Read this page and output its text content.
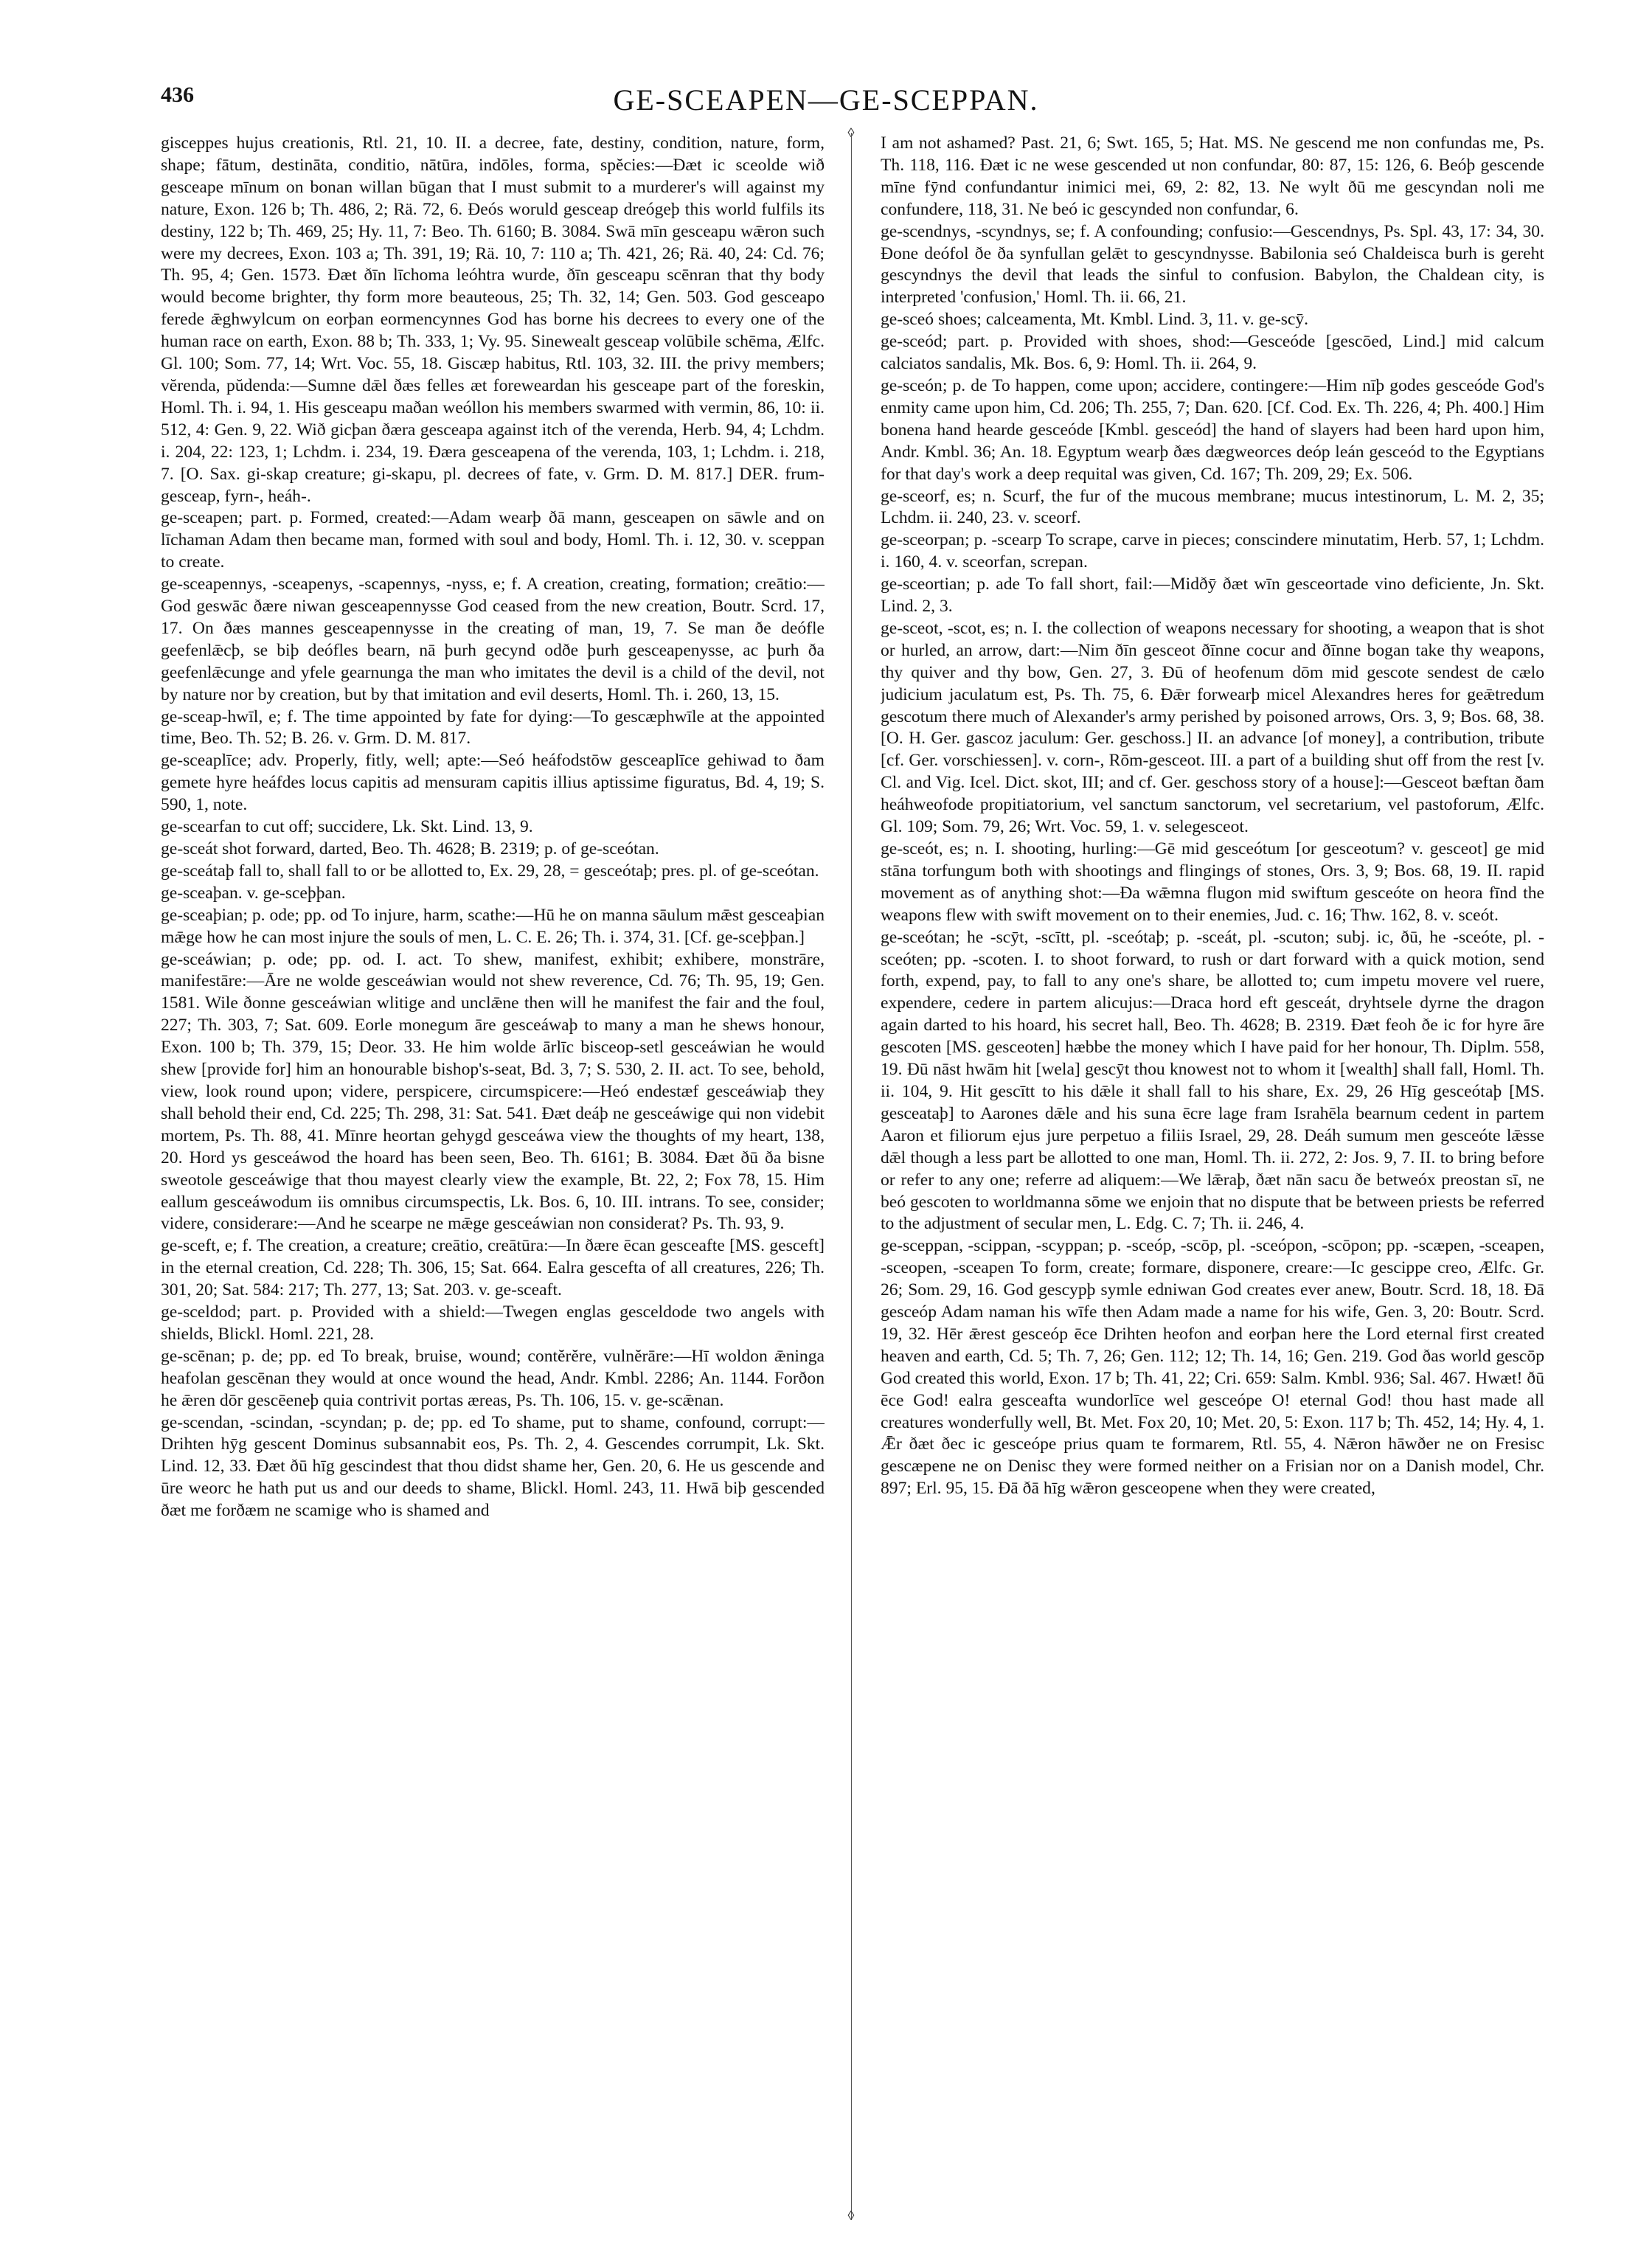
436	GE-SCEAPEN—GE-SCEPPAN.
◊
◊

gisceppes hujus creationis, Rtl. 21, 10. II. a decree, fate, destiny, condition, nature, form, shape; fātum, destināta, conditio, nātūra, indōles, forma, spĕcies:—Ðæt ic sceolde wið gesceape mīnum on bonan willan būgan that I must submit to a murderer's will against my nature, Exon. 126 b; Th. 486, 2; Rä. 72, 6. Ðeós woruld gesceap dreógeþ this world fulfils its destiny, 122 b; Th. 469, 25; Hy. 11, 7: Beo. Th. 6160; B. 3084. Swā mīn gesceapu wǣron such were my decrees, Exon. 103 a; Th. 391, 19; Rä. 10, 7: 110 a; Th. 421, 26; Rä. 40, 24: Cd. 76; Th. 95, 4; Gen. 1573. Ðæt ðīn līchoma leóhtra wurde, ðīn gesceapu scēnran that thy body would become brighter, thy form more beauteous, 25; Th. 32, 14; Gen. 503. God gesceapo ferede ǣghwylcum on eorþan eormencynnes God has borne his decrees to every one of the human race on earth, Exon. 88 b; Th. 333, 1; Vy. 95. Sinewealt gesceap volūbile schēma, Ælfc. Gl. 100; Som. 77, 14; Wrt. Voc. 55, 18. Giscæp habitus, Rtl. 103, 32. III. the privy members; vĕrenda, pŭdenda:—Sumne dǣl ðæs felles æt foreweardan his gesceape part of the foreskin, Homl. Th. i. 94, 1. His gesceapu maðan weóllon his members swarmed with vermin, 86, 10: ii. 512, 4: Gen. 9, 22. Wið gicþan ðæra gesceapa against itch of the verenda, Herb. 94, 4; Lchdm. i. 204, 22: 123, 1; Lchdm. i. 234, 19. Ðæra gesceapena of the verenda, 103, 1; Lchdm. i. 218, 7. [O. Sax. gi-skap creature; gi-skapu, pl. decrees of fate, v. Grm. D. M. 817.] DER. frum-gesceap, fyrn-, heáh-.

ge-sceapen; part. p. Formed, created:—Adam wearþ ðā mann, gesceapen on sāwle and on līchaman Adam then became man, formed with soul and body, Homl. Th. i. 12, 30. v. sceppan to create.

ge-sceapennys, -sceapenys, -scapennys, -nyss, e; f. A creation, creating, formation; creātio:—God geswāc ðære niwan gesceapennysse God ceased from the new creation, Boutr. Scrd. 17, 17. On ðæs mannes gesceapennysse in the creating of man, 19, 7. Se man ðe deófle geefenlǣcþ, se biþ deófles bearn, nā þurh gecynd odðe þurh gesceapenysse, ac þurh ða geefenlǣcunge and yfele gearnunga the man who imitates the devil is a child of the devil, not by nature nor by creation, but by that imitation and evil deserts, Homl. Th. i. 260, 13, 15.

ge-sceap-hwīl, e; f. The time appointed by fate for dying:—To gescæphwīle at the appointed time, Beo. Th. 52; B. 26. v. Grm. D. M. 817.

ge-sceaplīce; adv. Properly, fitly, well; apte:—Seó heáfodstōw gesceaplīce gehiwad to ðam gemete hyre heáfdes locus capitis ad mensuram capitis illius aptissime figuratus, Bd. 4, 19; S. 590, 1, note.

ge-scearfan to cut off; succidere, Lk. Skt. Lind. 13, 9.

ge-sceát shot forward, darted, Beo. Th. 4628; B. 2319; p. of ge-sceótan.

ge-sceátaþ fall to, shall fall to or be allotted to, Ex. 29, 28, = gesceótaþ; pres. pl. of ge-sceótan.

ge-sceaþan. v. ge-sceþþan.

ge-sceaþian; p. ode; pp. od To injure, harm, scathe:—Hū he on manna sāulum mǣst gesceaþian mǣge how he can most injure the souls of men, L. C. E. 26; Th. i. 374, 31. [Cf. ge-sceþþan.]

ge-sceáwian; p. ode; pp. od. I. act. To shew, manifest, exhibit; exhibere, monstrāre, manifestāre:—Āre ne wolde gesceáwian would not shew reverence, Cd. 76; Th. 95, 19; Gen. 1581. Wile ðonne gesceáwian wlitige and unclǣne then will he manifest the fair and the foul, 227; Th. 303, 7; Sat. 609. Eorle monegum āre gesceáwaþ to many a man he shews honour, Exon. 100 b; Th. 379, 15; Deor. 33. He him wolde ārlīc bisceop-setl gesceáwian he would shew [provide for] him an honourable bishop's-seat, Bd. 3, 7; S. 530, 2. II. act. To see, behold, view, look round upon; videre, perspicere, circumspicere:—Heó endestæf gesceáwiaþ they shall behold their end, Cd. 225; Th. 298, 31: Sat. 541. Ðæt deáþ ne gesceáwige qui non videbit mortem, Ps. Th. 88, 41. Mīnre heortan gehygd gesceáwa view the thoughts of my heart, 138, 20. Hord ys gesceáwod the hoard has been seen, Beo. Th. 6161; B. 3084. Ðæt ðū ða bisne sweotole gesceáwige that thou mayest clearly view the example, Bt. 22, 2; Fox 78, 15. Him eallum gesceáwodum iis omnibus circumspectis, Lk. Bos. 6, 10. III. intrans. To see, consider; videre, considerare:—And he scearpe ne mǣge gesceáwian non considerat? Ps. Th. 93, 9.

ge-sceft, e; f. The creation, a creature; creātio, creātūra:—In ðære ēcan gesceafte [MS. gesceft] in the eternal creation, Cd. 228; Th. 306, 15; Sat. 664. Ealra gescefta of all creatures, 226; Th. 301, 20; Sat. 584: 217; Th. 277, 13; Sat. 203. v. ge-sceaft.

ge-sceldod; part. p. Provided with a shield:—Twegen englas gesceldode two angels with shields, Blickl. Homl. 221, 28.

ge-scēnan; p. de; pp. ed To break, bruise, wound; contĕrĕre, vulnĕrāre:—Hī woldon ǣninga heafolan gescēnan they would at once wound the head, Andr. Kmbl. 2286; An. 1144. Forðon he ǣren dōr gescēeneþ quia contrivit portas æreas, Ps. Th. 106, 15. v. ge-scǣnan.

ge-scendan, -scindan, -scyndan; p. de; pp. ed To shame, put to shame, confound, corrupt:—Drihten hȳg gescent Dominus subsannabit eos, Ps. Th. 2, 4. Gescendes corrumpit, Lk. Skt. Lind. 12, 33. Ðæt ðū hīg gescindest that thou didst shame her, Gen. 20, 6. He us gescende and ūre weorc he hath put us and our deeds to shame, Blickl. Homl. 243, 11. Hwā biþ gescended ðæt me forðæm ne scamige who is shamed and

I am not ashamed? Past. 21, 6; Swt. 165, 5; Hat. MS. Ne gescend me non confundas me, Ps. Th. 118, 116. Ðæt ic ne wese gescended ut non confundar, 80: 87, 15: 126, 6. Beóþ gescende mīne fȳnd confundantur inimici mei, 69, 2: 82, 13. Ne wylt ðū me gescyndan noli me confundere, 118, 31. Ne beó ic gescynded non confundar, 6.

ge-scendnys, -scyndnys, se; f. A confounding; confusio:—Gescendnys, Ps. Spl. 43, 17: 34, 30. Ðone deófol ðe ða synfullan gelǣt to gescyndnysse. Babilonia seó Chaldeisca burh is gereht gescyndnys the devil that leads the sinful to confusion. Babylon, the Chaldean city, is interpreted 'confusion,' Homl. Th. ii. 66, 21.

ge-sceó shoes; calceamenta, Mt. Kmbl. Lind. 3, 11. v. ge-scȳ.

ge-sceód; part. p. Provided with shoes, shod:—Gesceóde [gescōed, Lind.] mid calcum calciatos sandalis, Mk. Bos. 6, 9: Homl. Th. ii. 264, 9.

ge-sceón; p. de To happen, come upon; accidere, contingere:—Him nīþ godes gesceóde God's enmity came upon him, Cd. 206; Th. 255, 7; Dan. 620. [Cf. Cod. Ex. Th. 226, 4; Ph. 400.] Him bonena hand hearde gesceóde [Kmbl. gesceód] the hand of slayers had been hard upon him, Andr. Kmbl. 36; An. 18. Egyptum wearþ ðæs dægweorces deóp leán gesceód to the Egyptians for that day's work a deep requital was given, Cd. 167; Th. 209, 29; Ex. 506.

ge-sceorf, es; n. Scurf, the fur of the mucous membrane; mucus intestinorum, L. M. 2, 35; Lchdm. ii. 240, 23. v. sceorf.

ge-sceorpan; p. -scearp To scrape, carve in pieces; conscindere minutatim, Herb. 57, 1; Lchdm. i. 160, 4. v. sceorfan, screpan.

ge-sceortian; p. ade To fall short, fail:—Midðȳ ðæt wīn gesceortade vino deficiente, Jn. Skt. Lind. 2, 3.

ge-sceot, -scot, es; n. I. the collection of weapons necessary for shooting, a weapon that is shot or hurled, an arrow, dart:—Nim ðīn gesceot ðīnne cocur and ðīnne bogan take thy weapons, thy quiver and thy bow, Gen. 27, 3. Ðū of heofenum dōm mid gescote sendest de cælo judicium jaculatum est, Ps. Th. 75, 6. Ðǣr forwearþ micel Alexandres heres for geǣtredum gescotum there much of Alexander's army perished by poisoned arrows, Ors. 3, 9; Bos. 68, 38. [O. H. Ger. gascoz jaculum: Ger. geschoss.] II. an advance [of money], a contribution, tribute [cf. Ger. vorschiessen]. v. corn-, Rōm-gesceot. III. a part of a building shut off from the rest [v. Cl. and Vig. Icel. Dict. skot, III; and cf. Ger. geschoss story of a house]:—Gesceot bæftan ðam heáhweofode propitiatorium, vel sanctum sanctorum, vel secretarium, vel pastoforum, Ælfc. Gl. 109; Som. 79, 26; Wrt. Voc. 59, 1. v. selegesceot.

ge-sceót, es; n. I. shooting, hurling:—Gē mid gesceótum [or gesceotum? v. gesceot] ge mid stāna torfungum both with shootings and flingings of stones, Ors. 3, 9; Bos. 68, 19. II. rapid movement as of anything shot:—Ða wǣmna flugon mid swiftum gesceóte on heora fīnd the weapons flew with swift movement on to their enemies, Jud. c. 16; Thw. 162, 8. v. sceót.

ge-sceótan; he -scȳt, -scītt, pl. -sceótaþ; p. -sceát, pl. -scuton; subj. ic, ðū, he -sceóte, pl. -sceóten; pp. -scoten. I. to shoot forward, to rush or dart forward with a quick motion, send forth, expend, pay, to fall to any one's share, be allotted to; cum impetu movere vel ruere, expendere, cedere in partem alicujus:—Draca hord eft gesceát, dryhtsele dyrne the dragon again darted to his hoard, his secret hall, Beo. Th. 4628; B. 2319. Ðæt feoh ðe ic for hyre āre gescoten [MS. gesceoten] hæbbe the money which I have paid for her honour, Th. Diplm. 558, 19. Ðū nāst hwām hit [wela] gescȳt thou knowest not to whom it [wealth] shall fall, Homl. Th. ii. 104, 9. Hit gescītt to his dǣle it shall fall to his share, Ex. 29, 26 Hīg gesceótaþ [MS. gesceataþ] to Aarones dǣle and his suna ēcre lage fram Israhēla bearnum cedent in partem Aaron et filiorum ejus jure perpetuo a filiis Israel, 29, 28. Deáh sumum men gesceóte lǣsse dǣl though a less part be allotted to one man, Homl. Th. ii. 272, 2: Jos. 9, 7. II. to bring before or refer to any one; referre ad aliquem:—We lǣraþ, ðæt nān sacu ðe betweóx preostan sī, ne beó gescoten to worldmanna sōme we enjoin that no dispute that be between priests be referred to the adjustment of secular men, L. Edg. C. 7; Th. ii. 246, 4.

ge-sceppan, -scippan, -scyppan; p. -sceóp, -scōp, pl. -sceópon, -scōpon; pp. -scæpen, -sceapen, -sceopen, -sceapen To form, create; formare, disponere, creare:—Ic gescippe creo, Ælfc. Gr. 26; Som. 29, 16. God gescypþ symle edniwan God creates ever anew, Boutr. Scrd. 18, 18. Ðā gesceóp Adam naman his wīfe then Adam made a name for his wife, Gen. 3, 20: Boutr. Scrd. 19, 32. Hēr ǣrest gesceóp ēce Drihten heofon and eorþan here the Lord eternal first created heaven and earth, Cd. 5; Th. 7, 26; Gen. 112; 12; Th. 14, 16; Gen. 219. God ðas world gescōp God created this world, Exon. 17 b; Th. 41, 22; Cri. 659: Salm. Kmbl. 936; Sal. 467. Hwæt! ðū ēce God! ealra gesceafta wundorlīce wel gesceópe O! eternal God! thou hast made all creatures wonderfully well, Bt. Met. Fox 20, 10; Met. 20, 5: Exon. 117 b; Th. 452, 14; Hy. 4, 1. Ǣr ðæt ðec ic gesceópe prius quam te formarem, Rtl. 55, 4. Nǣron hāwðer ne on Fresisc gescæpene ne on Denisc they were formed neither on a Frisian nor on a Danish model, Chr. 897; Erl. 95, 15. Ðā ðā hīg wǣron gesceopene when they were created,
